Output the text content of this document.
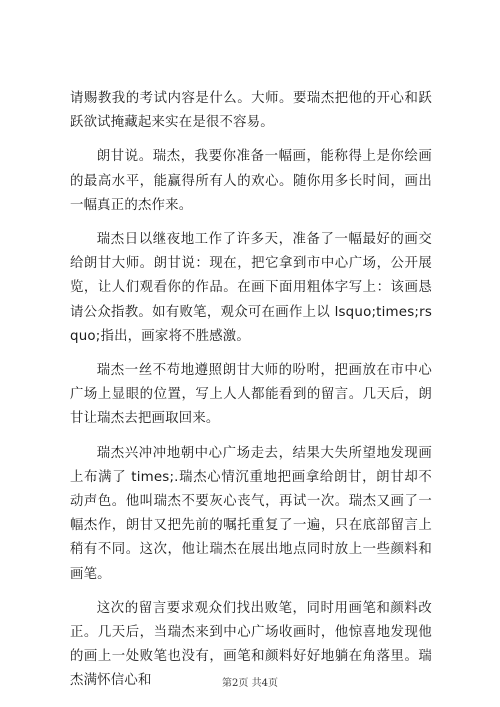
请赐教我的考试内容是什么。大师。要瑞杰把他的开心和跃跃欲试掩藏起来实在是很不容易。

朗甘说。瑞杰，我要你准备一幅画，能称得上是你绘画的最高水平，能赢得所有人的欢心。随你用多长时间，画出一幅真正的杰作来。

瑞杰日以继夜地工作了许多天，准备了一幅最好的画交给朗甘大师。朗甘说：现在，把它拿到市中心广场，公开展览，让人们观看你的作品。在画下面用粗体字写上：该画恳请公众指教。如有败笔，观众可在画作上以 lsquo;times;rsquo;指出，画家将不胜感激。

瑞杰一丝不苟地遵照朗甘大师的吩咐，把画放在市中心广场上显眼的位置，写上人人都能看到的留言。几天后，朗甘让瑞杰去把画取回来。

瑞杰兴冲冲地朝中心广场走去，结果大失所望地发现画上布满了 times;.瑞杰心情沉重地把画拿给朗甘，朗甘却不动声色。他叫瑞杰不要灰心丧气，再试一次。瑞杰又画了一幅杰作，朗甘又把先前的嘱托重复了一遍，只在底部留言上稍有不同。这次，他让瑞杰在展出地点同时放上一些颜料和画笔。

这次的留言要求观众们找出败笔，同时用画笔和颜料改正。几天后，当瑞杰来到中心广场收画时，他惊喜地发现他的画上一处败笔也没有，画笔和颜料好好地躺在角落里。瑞杰满怀信心和	第2页 共4页
